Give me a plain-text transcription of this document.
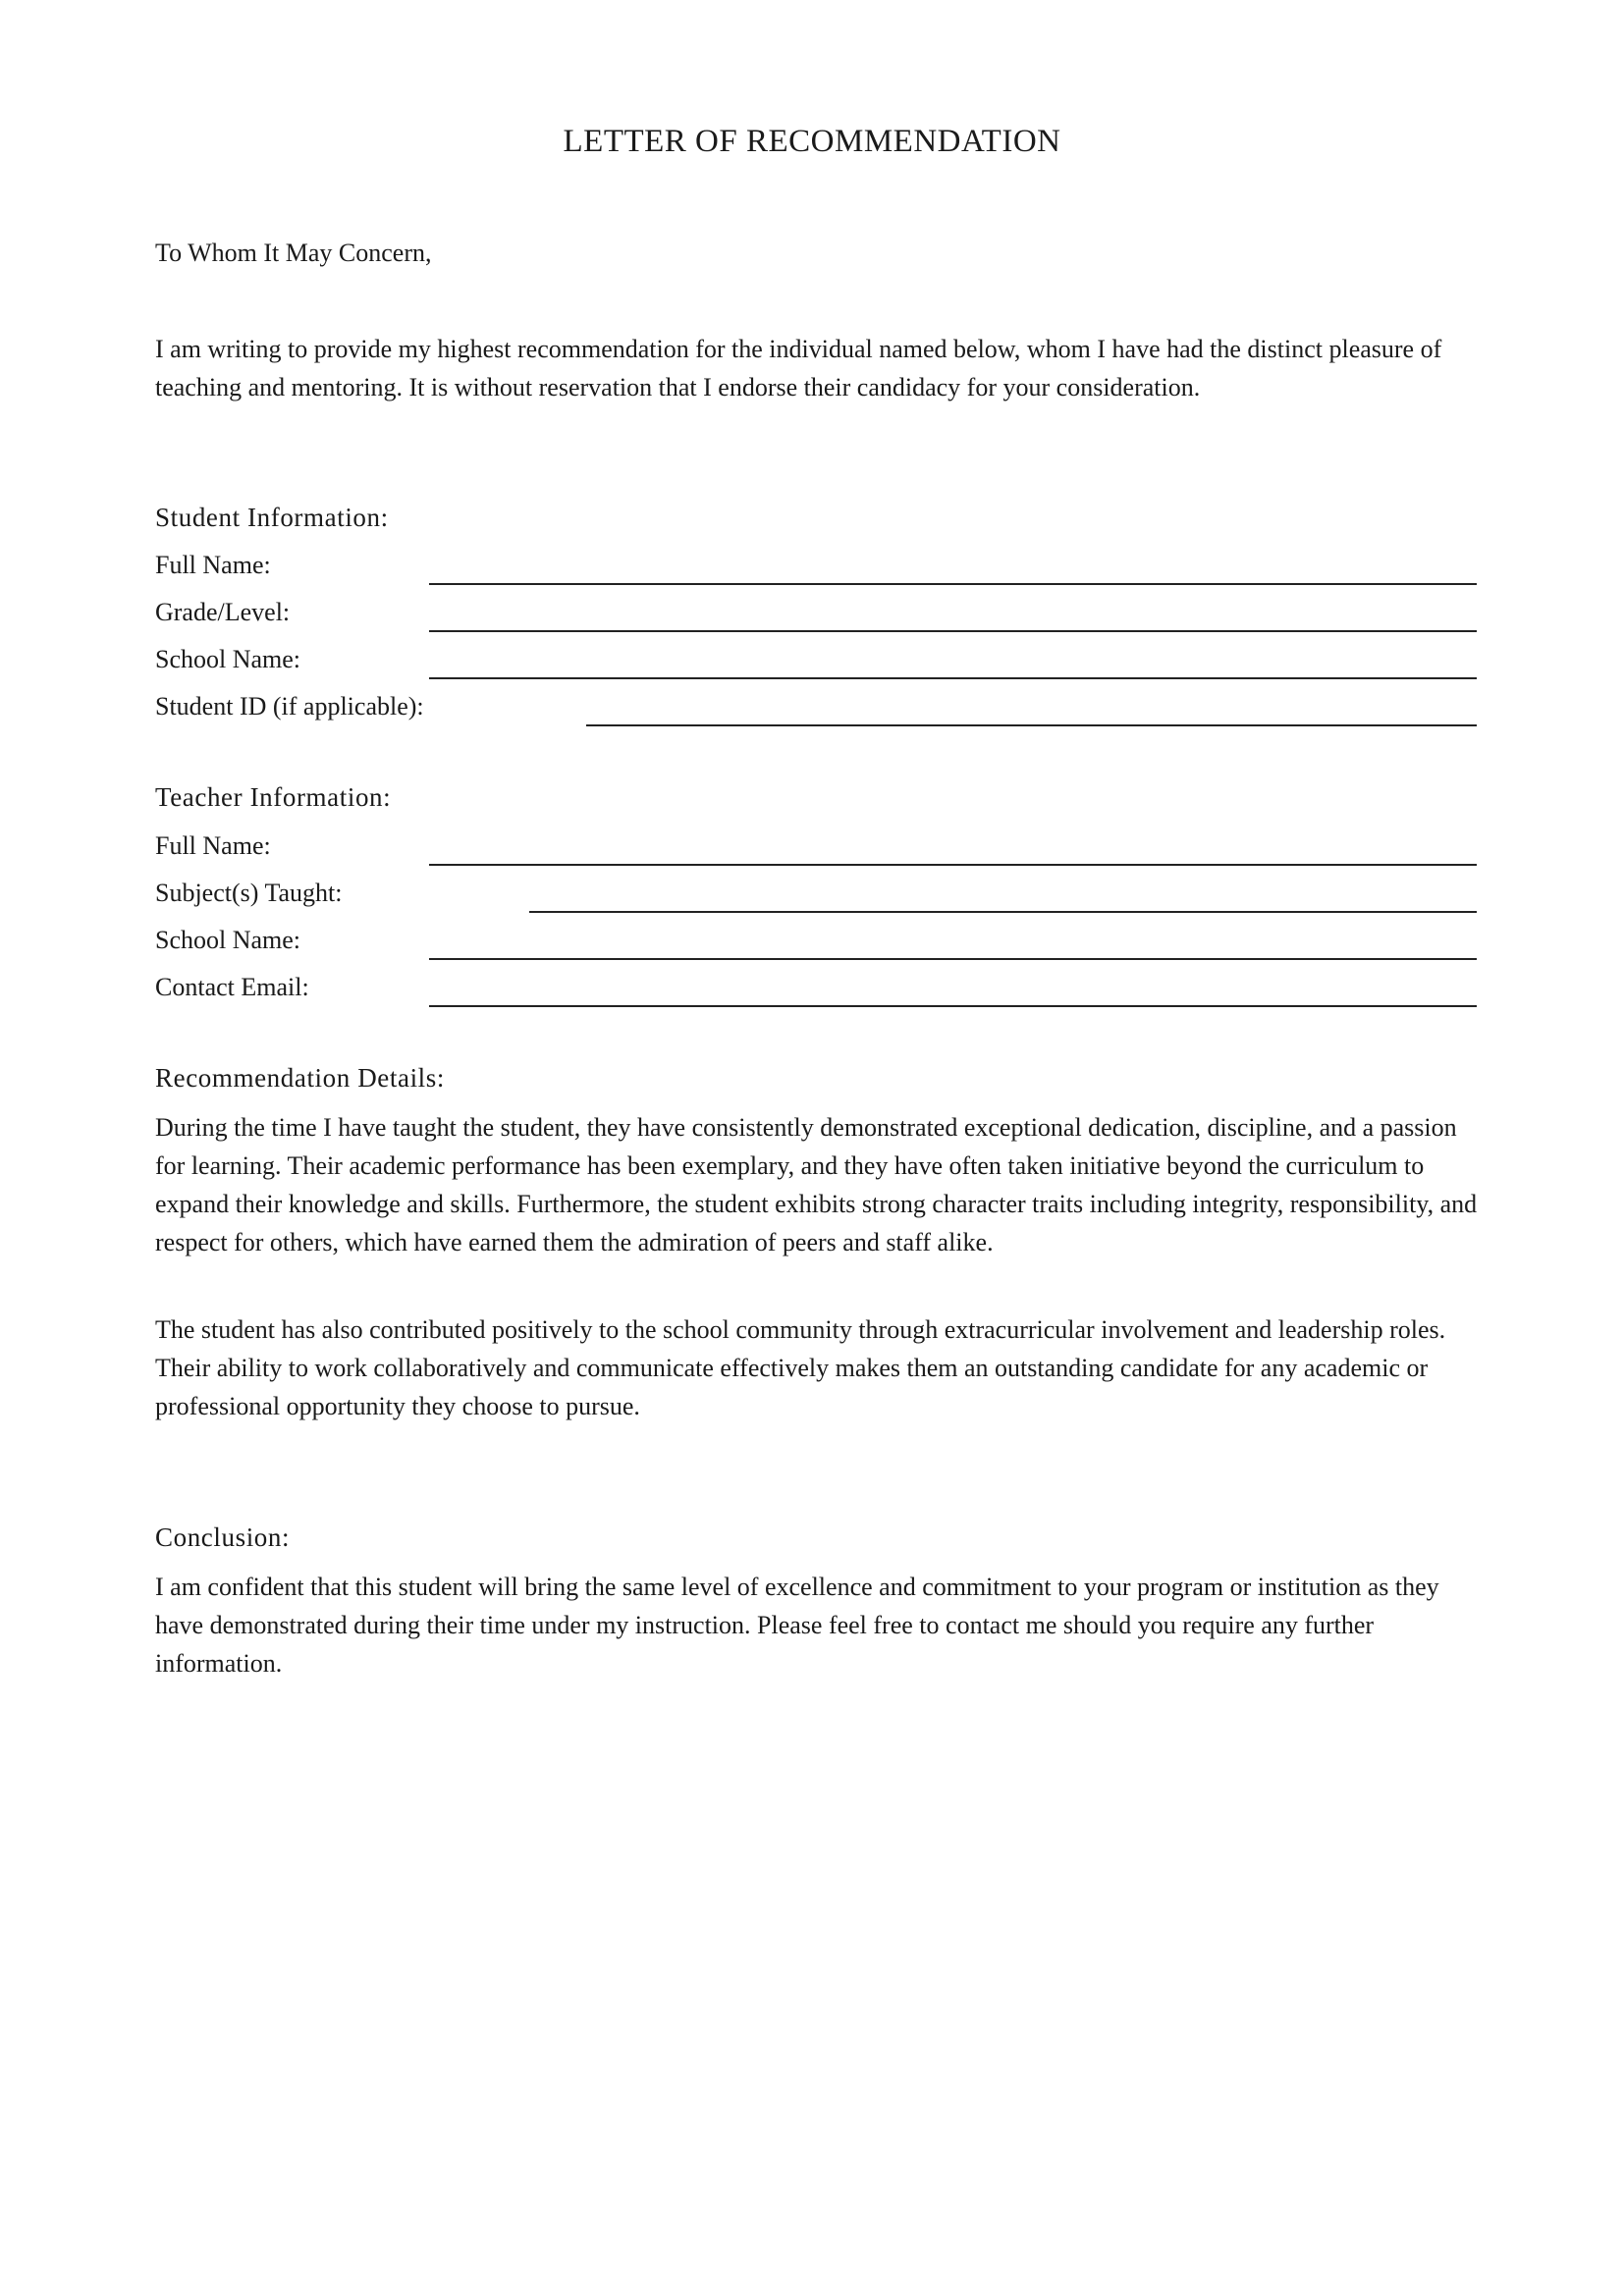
LETTER OF RECOMMENDATION
To Whom It May Concern,
I am writing to provide my highest recommendation for the individual named below, whom I have had the distinct pleasure of teaching and mentoring. It is without reservation that I endorse their candidacy for your consideration.
Student Information:
Full Name:
Grade/Level:
School Name:
Student ID (if applicable):
Teacher Information:
Full Name:
Subject(s) Taught:
School Name:
Contact Email:
Recommendation Details:
During the time I have taught the student, they have consistently demonstrated exceptional dedication, discipline, and a passion for learning. Their academic performance has been exemplary, and they have often taken initiative beyond the curriculum to expand their knowledge and skills. Furthermore, the student exhibits strong character traits including integrity, responsibility, and respect for others, which have earned them the admiration of peers and staff alike.
The student has also contributed positively to the school community through extracurricular involvement and leadership roles. Their ability to work collaboratively and communicate effectively makes them an outstanding candidate for any academic or professional opportunity they choose to pursue.
Conclusion:
I am confident that this student will bring the same level of excellence and commitment to your program or institution as they have demonstrated during their time under my instruction. Please feel free to contact me should you require any further information.
